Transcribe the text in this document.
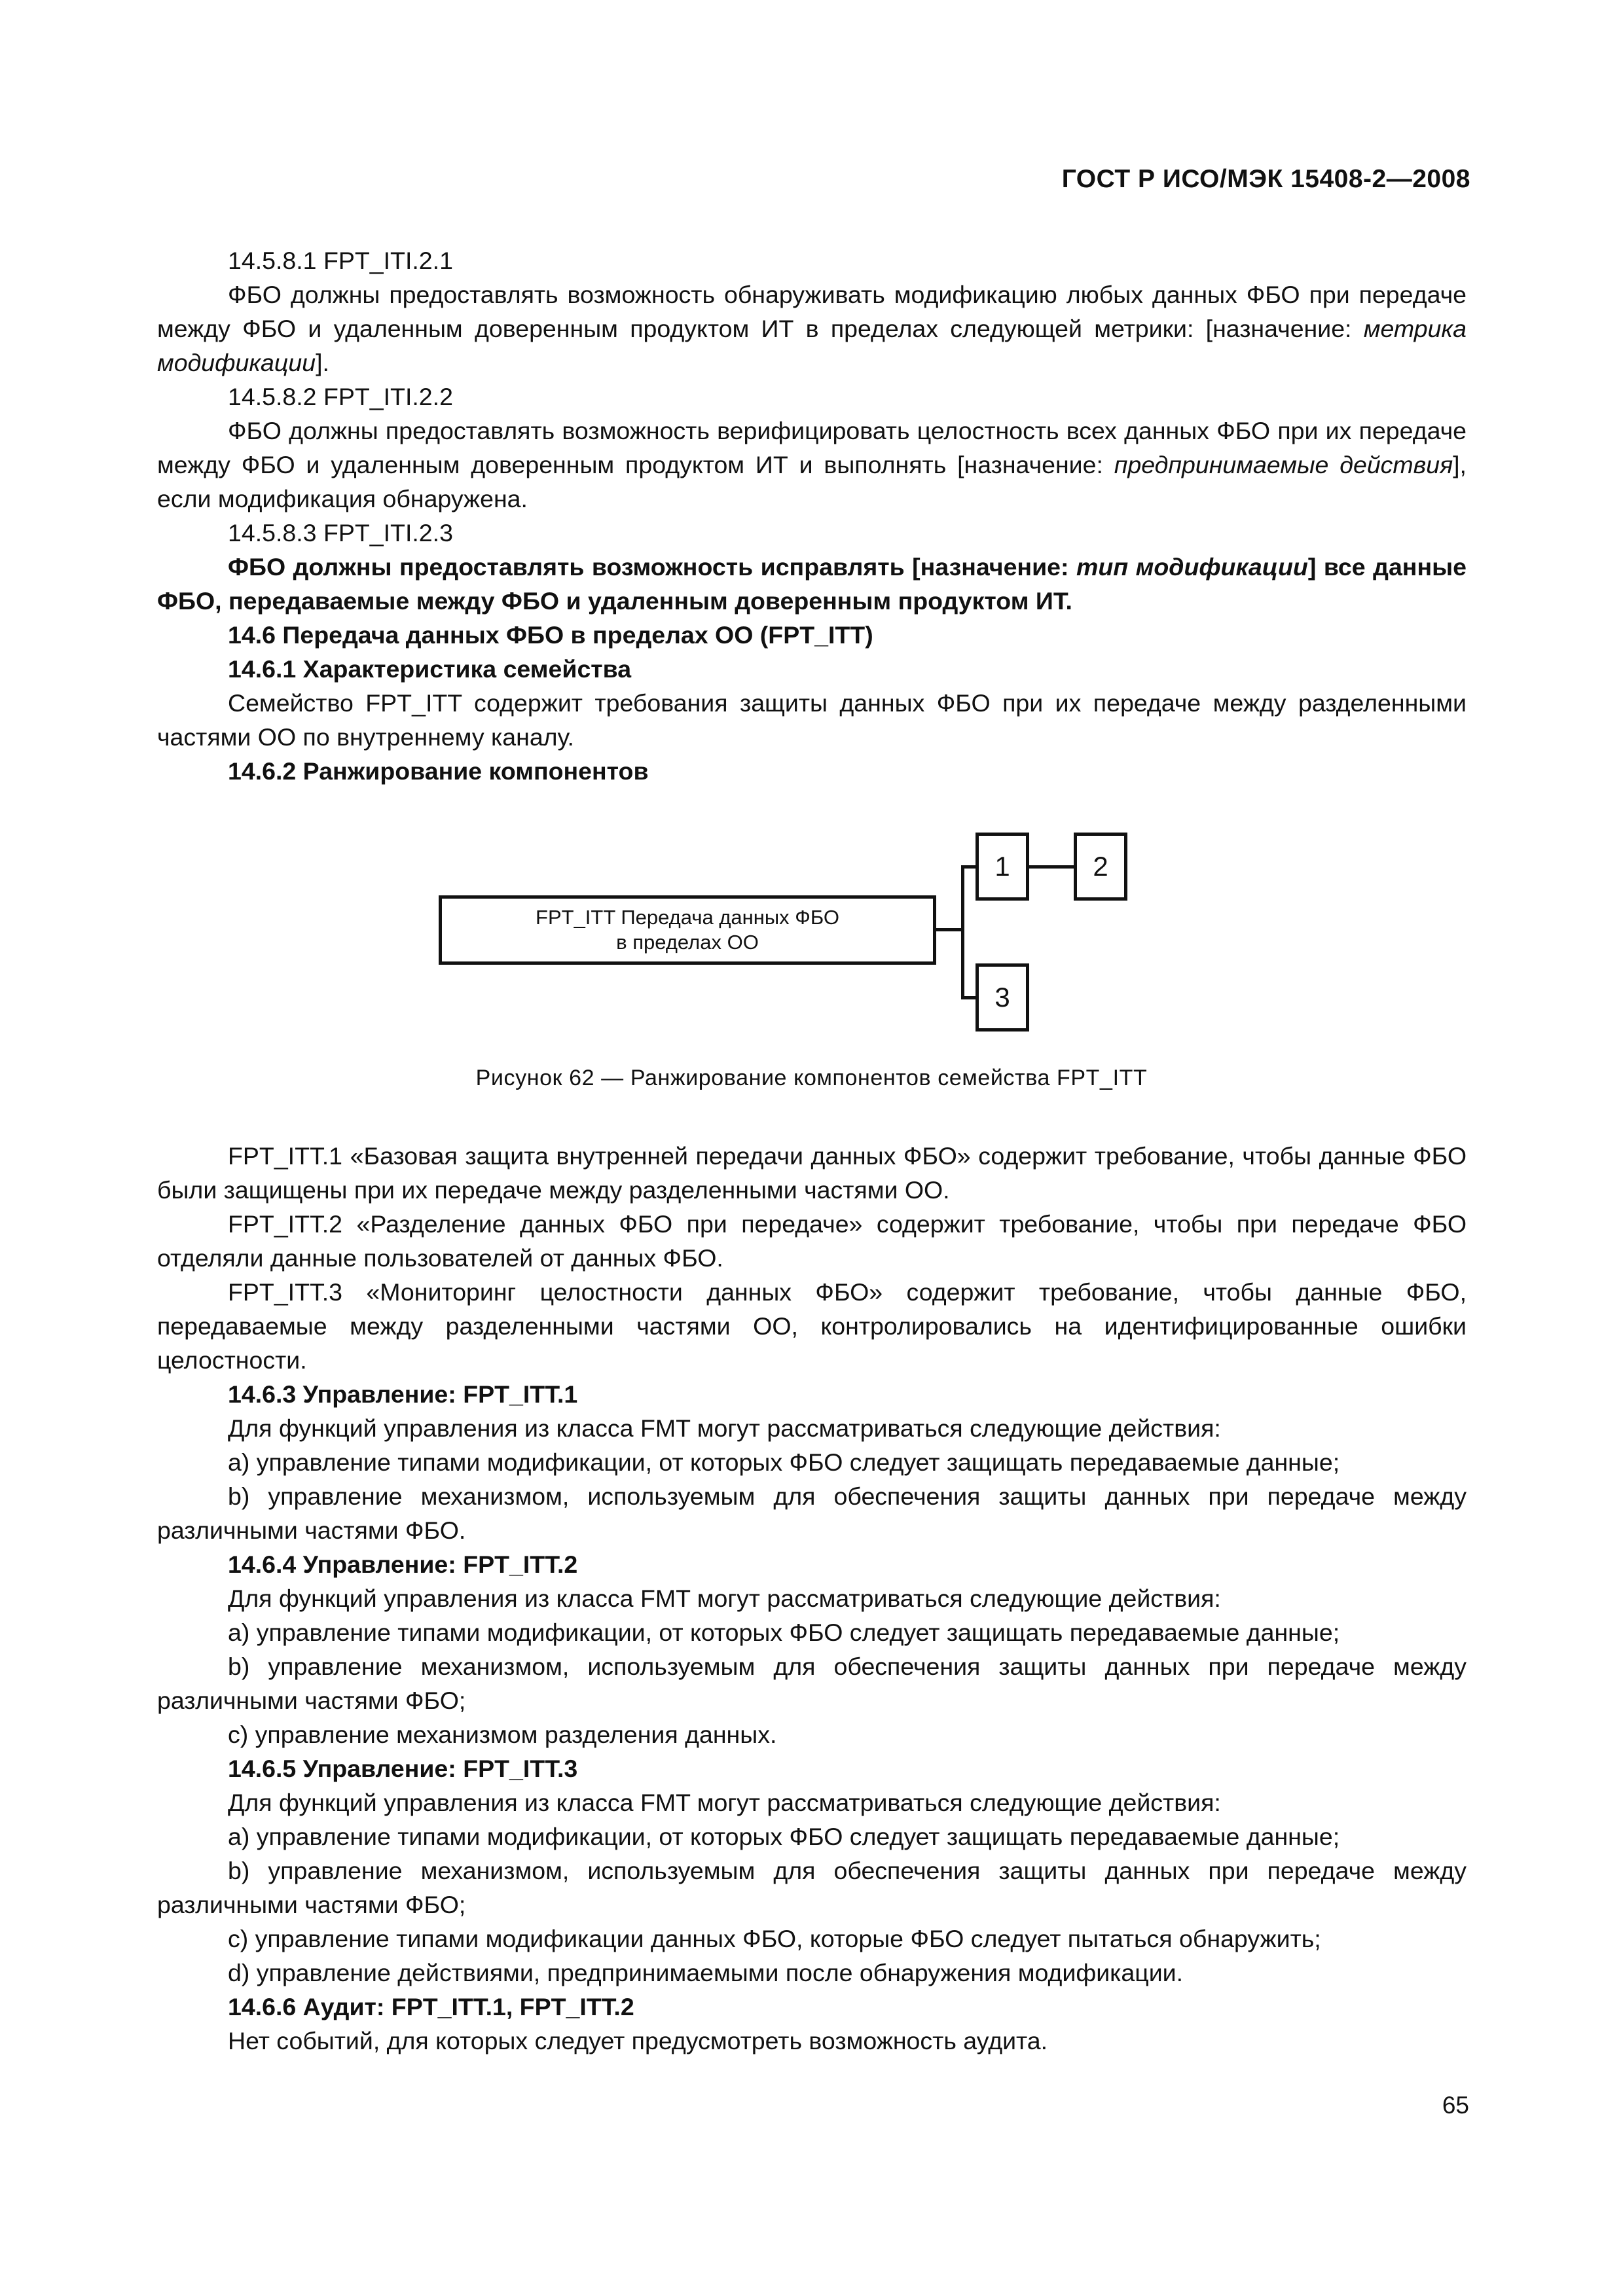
ГОСТ Р ИСО/МЭК 15408-2—2008

14.5.8.1 FPT_ITI.2.1

ФБО должны предоставлять возможность обнаруживать модификацию любых данных ФБО при передаче между ФБО и удаленным доверенным продуктом ИТ в пределах следующей метрики: [назначение: метрика модификации].

14.5.8.2 FPT_ITI.2.2

ФБО должны предоставлять возможность верифицировать целостность всех данных ФБО при их передаче между ФБО и удаленным доверенным продуктом ИТ и выполнять [назначение: предпринимаемые действия], если модификация обнаружена.

14.5.8.3 FPT_ITI.2.3

ФБО должны предоставлять возможность исправлять [назначение: тип модификации] все данные ФБО, передаваемые между ФБО и удаленным доверенным продуктом ИТ.

14.6 Передача данных ФБО в пределах ОО (FPT_ITT)

14.6.1 Характеристика семейства

Семейство FPT_ITT содержит требования защиты данных ФБО при их передаче между разделенными частями ОО по внутреннему каналу.

14.6.2 Ранжирование компонентов

FPT_ITT Передача данных ФБО
в пределах ОО
1	2
3
Рисунок 62 — Ранжирование компонентов семейства FPT_ITT

FPT_ITT.1 «Базовая защита внутренней передачи данных ФБО» содержит требование, чтобы данные ФБО были защищены при их передаче между разделенными частями ОО.

FPT_ITT.2 «Разделение данных ФБО при передаче» содержит требование, чтобы при передаче ФБО отделяли данные пользователей от данных ФБО.

FPT_ITT.3 «Мониторинг целостности данных ФБО» содержит требование, чтобы данные ФБО, передаваемые между разделенными частями ОО, контролировались на идентифицированные ошибки целостности.

14.6.3 Управление: FPT_ITT.1

Для функций управления из класса FMT могут рассматриваться следующие действия:

a) управление типами модификации, от которых ФБО следует защищать передаваемые данные;

b) управление механизмом, используемым для обеспечения защиты данных при передаче между различными частями ФБО.

14.6.4 Управление: FPT_ITT.2

Для функций управления из класса FMT могут рассматриваться следующие действия:

a) управление типами модификации, от которых ФБО следует защищать передаваемые данные;

b) управление механизмом, используемым для обеспечения защиты данных при передаче между различными частями ФБО;

c) управление механизмом разделения данных.

14.6.5 Управление: FPT_ITT.3

Для функций управления из класса FMT могут рассматриваться следующие действия:

a) управление типами модификации, от которых ФБО следует защищать передаваемые данные;

b) управление механизмом, используемым для обеспечения защиты данных при передаче между различными частями ФБО;

c) управление типами модификации данных ФБО, которые ФБО следует пытаться обнаружить;

d) управление действиями, предпринимаемыми после обнаружения модификации.

14.6.6 Аудит: FPT_ITT.1, FPT_ITT.2

Нет событий, для которых следует предусмотреть возможность аудита.

65
